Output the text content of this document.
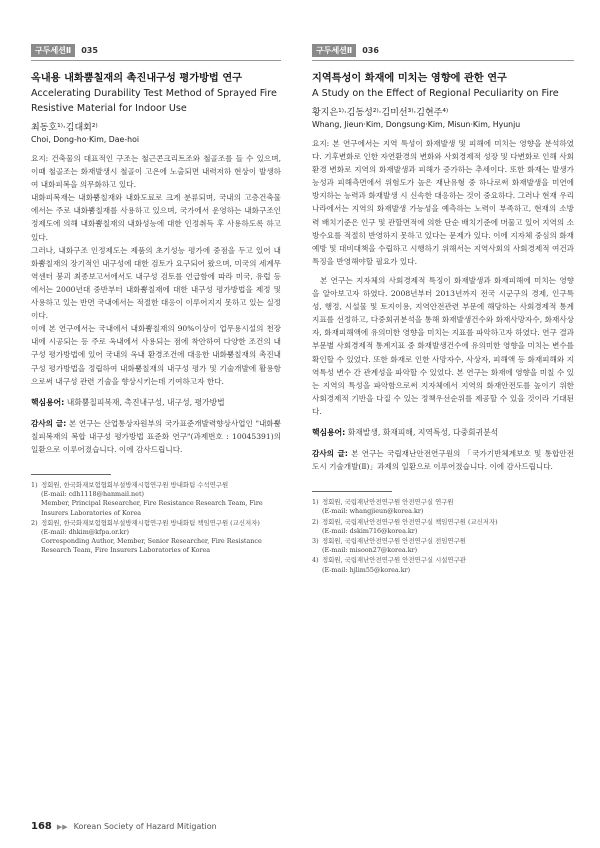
구두세션Ⅱ	035
옥내용 내화뿜칠재의 촉진내구성 평가방법 연구
Accelerating Durability Test Method of Sprayed Fire
Resistive Material for Indoor Use
최동호¹⁾·김대회²⁾
Choi, Dong-ho·Kim, Dae-hoi

요지: 건축물의 대표적인 구조는 철근콘크리트조와 철골조를 들 수 있으며, 이때 철골조는 화재발생시 철골이 고온에 노출되면 내력저하 현상이 발생하여 내화피복을 의무화하고 있다.

내화피복재는 내화뿜칠재와 내화도료로 크게 분류되며, 국내의 고층건축물에서는 주로 내화뿜칠재를 사용하고 있으며, 국가에서 운영하는 내화구조인정제도에 의해 내화뿜칠재의 내화성능에 대한 인정취득 후 사용하도록 하고 있다.

그러나, 내화구조 인정제도는 제품의 초기성능 평가에 중점을 두고 있어 내화뿜칠재의 장기적인 내구성에 대한 검토가 요구되어 왔으며, 미국의 세계무역센터 붕괴 최종보고서에서도 내구성 검토를 언급함에 따라 미국, 유럽 등에서는 2000년대 중반부터 내화뿜칠재에 대한 내구성 평가방법을 제정 및 사용하고 있는 반면 국내에서는 적절한 대응이 이루어지지 못하고 있는 실정이다.

이에 본 연구에서는 국내에서 내화뿜칠재의 90%이상이 업무용시설의 천장내에 시공되는 등 주로 옥내에서 사용되는 점에 착안하여 다양한 조건의 내구성 평가방법에 있어 국내의 옥내 환경조건에 대응한 내화뿜칠재의 촉진내구성 평가방법을 정립하여 내화뿜칠재의 내구성 평가 및 기술개발에 활용함으로써 내구성 관련 기술을 향상시키는데 기여하고자 한다.

핵심용어: 내화뿜칠피복재, 촉진내구성, 내구성, 평가방법
감사의 글: 본 연구는 산업통상자원부의 국가표준개발력향상사업인 "내화뿜칠피복재의 복합 내구성 평가방법 표준화 연구"(과제번호 : 10045391)의 일환으로 이루어졌습니다. 이에 감사드립니다.
1) 정회원, 한국화재보험협회부설방재시험연구원 방내화팀 수석연구원
(E-mail: cdh1118@hanmail.net)
Member, Principal Researcher, Fire Resistance Research Team, Fire Insurers Laboratories of Korea
2) 정회원, 한국화재보험협회부설방재시험연구원 방내화팀 책임연구원 (교신저자)
(E-mail: dhkim@kfpa.or.kr)
Corresponding Author, Member, Senior Researcher, Fire Resistance Research Team, Fire Insurers Laboratories of Korea
구두세션Ⅱ	036
지역특성이 화재에 미치는 영향에 관한 연구
A Study on the Effect of Regional Peculiarity on Fire
황지은¹⁾·김동성²⁾·김미선³⁾·김현주⁴⁾
Whang, Jieun·Kim, Dongsung·Kim, Misun·Kim, Hyunju

요지: 본 연구에서는 지역 특성이 화재발생 및 피해에 미치는 영향을 분석하였다. 기후변화로 인한 자연환경의 변화와 사회경제적 성장 및 다변화로 인해 사회환경 변화로 지역의 화재발생과 피해가 증가하는 추세이다. 또한 화재는 발생가능성과 피해측면에서 위험도가 높은 재난유형 중 하나로써 화재발생을 미연에 방지하는 능력과 화재발생 시 신속한 대응하는 것이 중요하다. 그러나 현재 우리나라에서는 지역의 화재발생 가능성을 예측하는 노력이 부족하고, 현재의 소방력 배치기준은 인구 및 관할면적에 의한 단순 배치기준에 머물고 있어 지역의 소방수요를 적절히 반영하지 못하고 있다는 문제가 있다. 이에 지자체 중심의 화재예방 및 대비대책을 수립하고 시행하기 위해서는 지역사회의 사회경제적 여건과 특징을 반영해야할 필요가 있다.

본 연구는 지자체의 사회경제적 특징이 화재발생과 화재피해에 미치는 영향을 알아보고자 하였다. 2008년부터 2013년까지 전국 시군구의 경제, 인구특성, 행정, 시설물 및 토지이용, 지역안전관련 부문에 해당하는 사회경제적 통계지표를 선정하고, 다중회귀분석을 통해 화재발생건수와 화재사망자수, 화재사상자, 화재피해액에 유의미한 영향을 미치는 지표를 파악하고자 하였다. 연구 결과 부문별 사회경제적 통계지표 중 화재발생건수에 유의미한 영향을 미치는 변수를 확인할 수 있었다. 또한 화재로 인한 사망자수, 사상자, 피해액 등 화재피해와 지역특성 변수 간 관계성을 파악할 수 있었다. 본 연구는 화재에 영향을 미칠 수 있는 지역의 특성을 파악함으로써 지자체에서 지역의 화재안전도를 높이기 위한 사회경제적 기반을 다질 수 있는 정책우선순위를 제공할 수 있을 것이라 기대된다.

핵심용어: 화재발생, 화재피해, 지역특성, 다중회귀분석
감사의 글: 본 연구는 국립재난안전연구원의 「국가기반체계보호 및 통합안전도시 기술개발(Ⅱ)」과제의 일환으로 이루어졌습니다. 이에 감사드립니다.
1) 정회원, 국립재난안전연구원 안전연구실 연구원
(E-mail: whangjieun@korea.kr)
2) 정회원, 국립재난안전연구원 안전연구실 책임연구원 (교신저자)
(E-mail: dskim716@korea.kr)
3) 정회원, 국립재난안전연구원 안전연구실 전임연구원
(E-mail: misoon27@korea.kr)
4) 정회원, 국립재난안전연구원 안전연구실 시설연구관
(E-mail: hjlim55@korea.kr)
168 ▶▶ Korean Society of Hazard Mitigation
